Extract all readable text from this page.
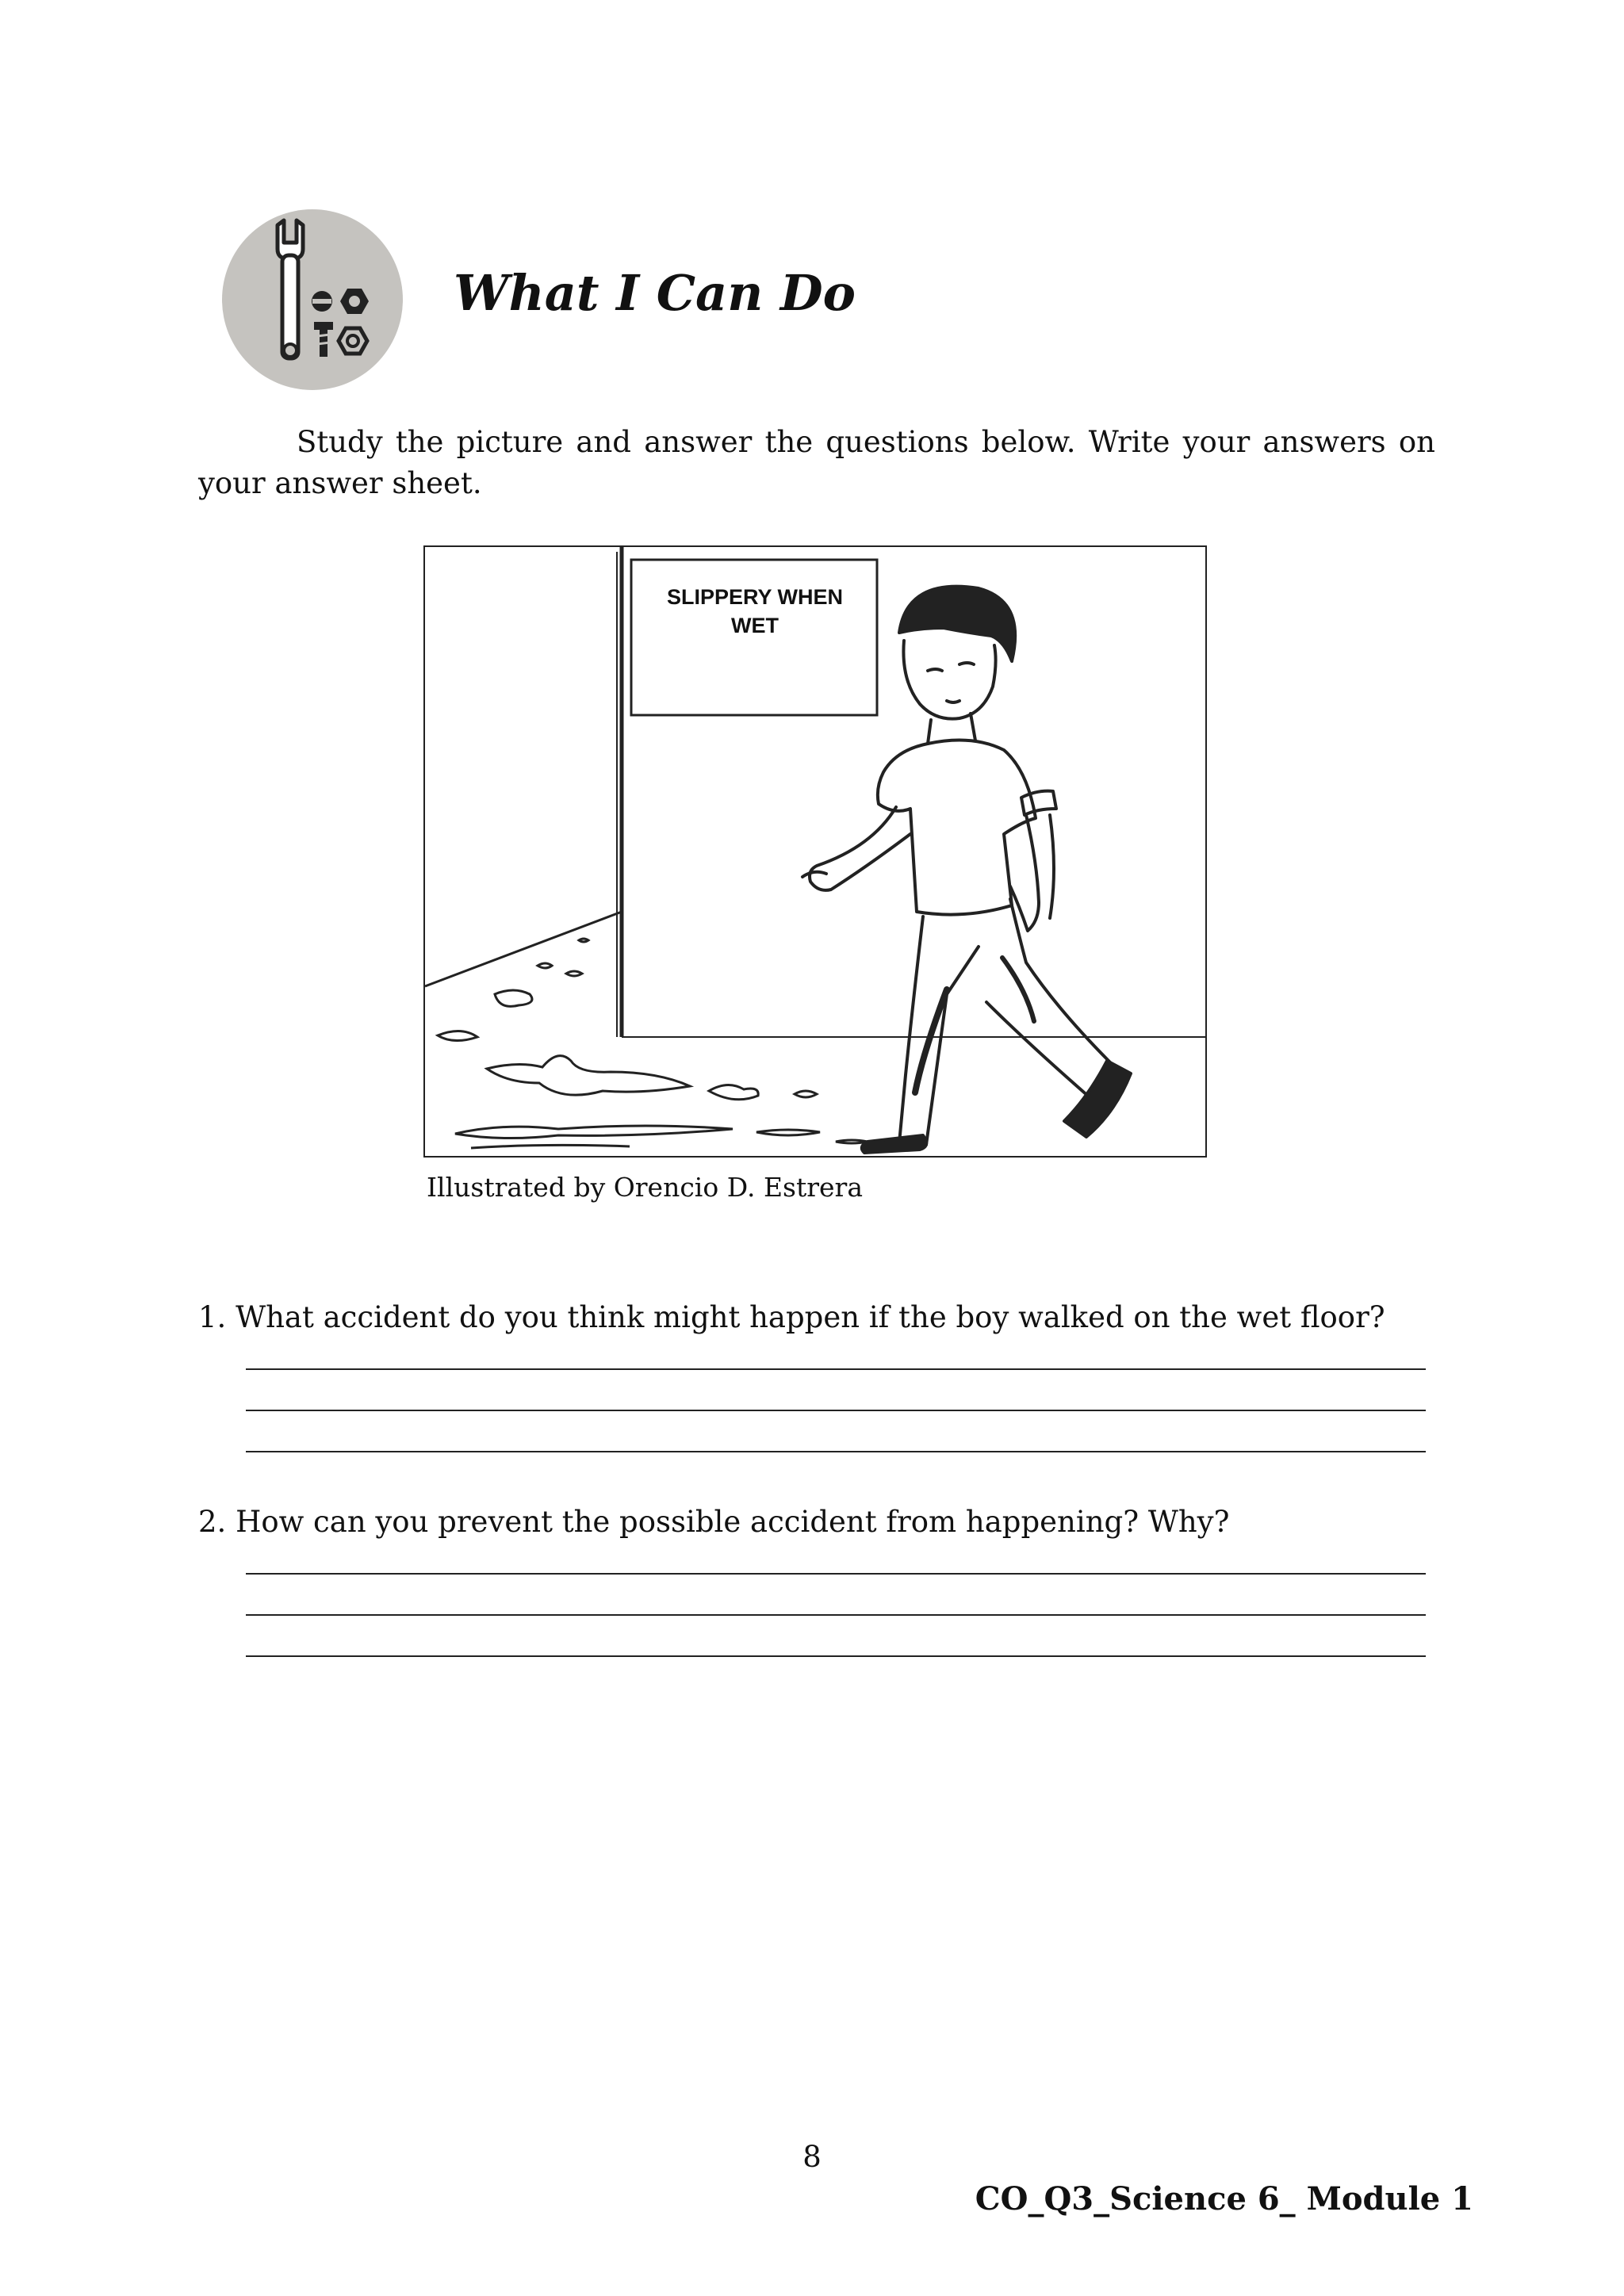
What I Can Do

Study the picture and answer the questions below. Write your answers on your answer sheet.

SLIPPERY WHEN
WET

Illustrated by Orencio D. Estrera

1. What accident do you think might happen if the boy walked on the wet floor?

2. How can you prevent the possible accident from happening? Why?

8

CO_Q3_Science 6_ Module 1
